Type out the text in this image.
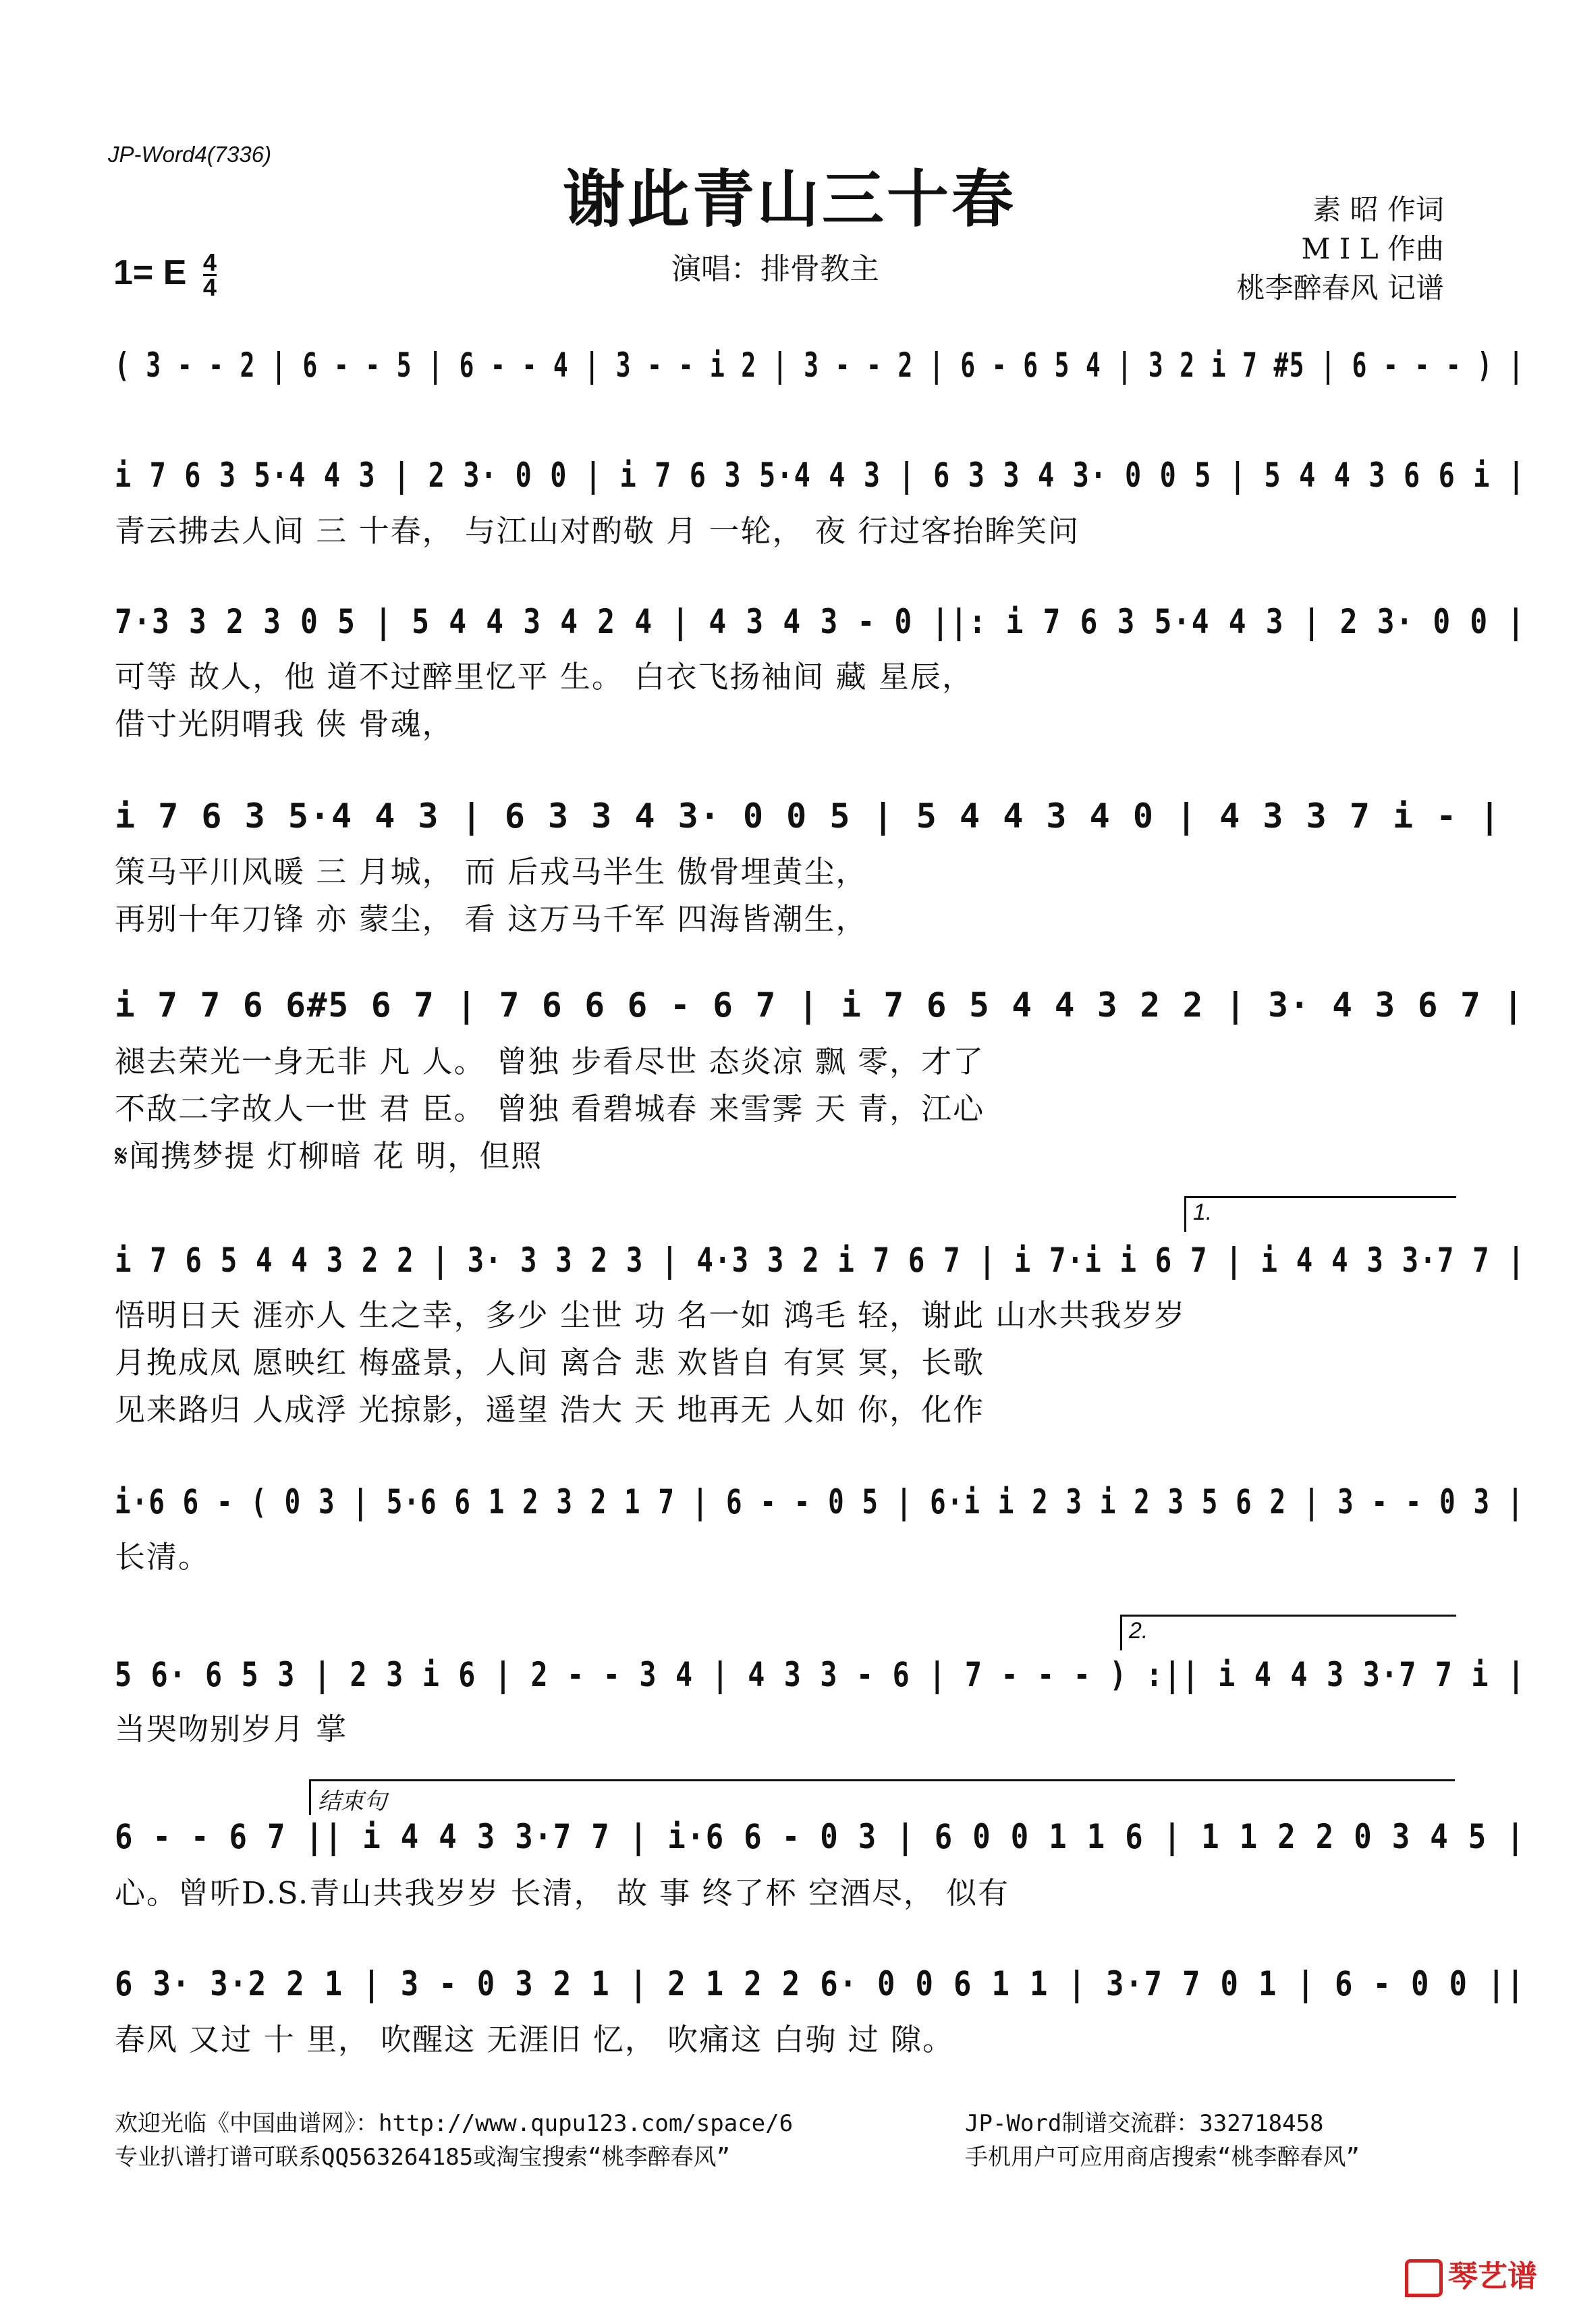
JP-Word4(7336)
谢此青山三十春	素 昭 作词
M I L 作曲
桃李醉春风 记谱
1= E $\frac{4}{4}$	演唱：排骨教主
( 3 - - 2 | 6 - - 5 | 6 - - 4 | 3 - - i 2 | 3 - - 2 | 6 - 6 5 4 | 3 2 i 7 #5 | 6 - - - ) |
i 7 6 3 5·4 4 3 | 2 3· 0 0 | i 7 6 3 5·4 4 3 | 6 3 3 4 3· 0 0 5 | 5 4 4 3 6 6 i |
青云拂去人间 三 十春， 与江山对酌敬 月 一轮， 夜 行过客抬眸笑问
7·3 3 2 3 0 5 | 5 4 4 3 4 2 4 | 4 3 4 3 - 0 ||: i 7 6 3 5·4 4 3 | 2 3· 0 0 |
可等 故人，他 道不过醉里忆平 生。 白衣飞扬袖间 藏 星辰，
借寸光阴喟我 侠 骨魂，
i 7 6 3 5·4 4 3 | 6 3 3 4 3· 0 0 5 | 5 4 4 3 4 0 | 4 3 3 7 i - |
策马平川风暖 三 月城， 而 后戎马半生 傲骨埋黄尘，
再别十年刀锋 亦 蒙尘， 看 这万马千军 四海皆潮生，
i 7 7 6 6#5 6 7 | 7 6 6 6 - 6 7 | i 7 6 5 4 4 3 2 2 | 3· 4 3 6 7 |
褪去荣光一身无非 凡 人。 曾独 步看尽世 态炎凉 飘 零，才了
不敌二字故人一世 君 臣。 曾独 看碧城春 来雪霁 天 青，江心
𝄋闻携梦提 灯柳暗 花 明，但照
1.
i 7 6 5 4 4 3 2 2 | 3· 3 3 2 3 | 4·3 3 2 i 7 6 7 | i 7·i i 6 7 | i 4 4 3 3·7 7 |
悟明日天 涯亦人 生之幸，多少 尘世 功 名一如 鸿毛 轻，谢此 山水共我岁岁
月挽成凤 愿映红 梅盛景，人间 离合 悲 欢皆自 有冥 冥，长歌
见来路归 人成浮 光掠影，遥望 浩大 天 地再无 人如 你，化作
i·6 6 - ( 0 3 | 5·6 6 1 2 3 2 1 7 | 6 - - 0 5 | 6·i i 2 3 i 2 3 5 6 2 | 3 - - 0 3 |
长清。
2.
5 6· 6 5 3 | 2 3 i 6 | 2 - - 3 4 | 4 3 3 - 6 | 7 - - - ) :|| i 4 4 3 3·7 7 i |
当哭吻别岁月 掌
结束句
6 - - 6 7 || i 4 4 3 3·7 7 | i·6 6 - 0 3 | 6 0 0 1 1 6 | 1 1 2 2 0 3 4 5 |
心。曾听D.S.青山共我岁岁 长清， 故 事 终了杯 空酒尽， 似有
6 3· 3·2 2 1 | 3 - 0 3 2 1 | 2 1 2 2 6· 0 0 6 1 1 | 3·7 7 0 1 | 6 - 0 0 ||
春风 又过 十 里， 吹醒这 无涯旧 忆， 吹痛这 白驹 过 隙。
欢迎光临《中国曲谱网》：http://www.qupu123.com/space/6	JP-Word制谱交流群：332718458
专业扒谱打谱可联系QQ563264185或淘宝搜索“桃李醉春风”	手机用户可应用商店搜索“桃李醉春风”
琴艺谱
